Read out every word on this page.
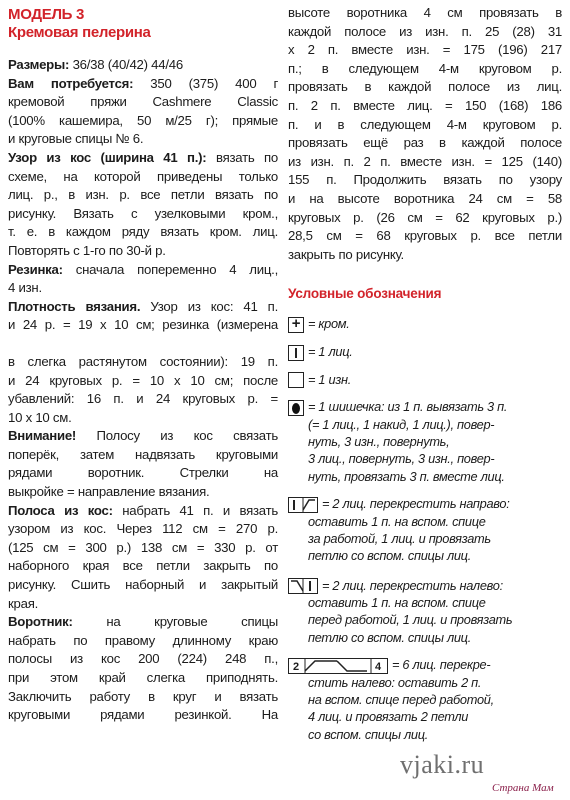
МОДЕЛЬ 3
Кремовая пелерина
Размеры: 36/38 (40/42) 44/46
Вам потребуется: 350 (375) 400 г
кремовой пряжи Cashmere Classic
(100% кашемира, 50 м/25 г); прямые
и круговые спицы № 6.
Узор из кос (ширина 41 п.): вязать по
схеме, на которой приведены только
лиц. р., в изн. р. все петли вязать по
рисунку. Вязать с узелковыми кром.,
т. е. в каждом ряду вязать кром. лиц.
Повторять с 1-го по 30-й р.
Резинка: сначала попеременно 4 лиц.,
4 изн.
Плотность вязания. Узор из кос: 41 п.
и 24 р. = 19 х 10 см; резинка (измерена
в слегка растянутом состоянии): 19 п.
и 24 круговых р. = 10 х 10 см; после
убавлений: 16 п. и 24 круговых р. =
10 х 10 см.
Внимание! Полосу из кос связать
поперёк, затем надвязать круговыми
рядами воротник. Стрелки на
выкройке = направление вязания.
Полоса из кос: набрать 41 п. и вязать
узором из кос. Через 112 см = 270 р.
(125 см = 300 р.) 138 см = 330 р. от
наборного края все петли закрыть по
рисунку. Сшить наборный и закрытый
края.
Воротник: на круговые спицы
набрать по правому длинному краю
полосы из кос 200 (224) 248 п.,
при этом край слегка приподнять.
Заключить работу в круг и вязать
круговыми рядами резинкой. На
высоте воротника 4 см провязать в
каждой полосе из изн. п. 25 (28) 31
х 2 п. вместе изн. = 175 (196) 217
п.; в следующем 4-м круговом р.
провязать в каждой полосе из лиц.
п. 2 п. вместе лиц. = 150 (168) 186
п. и в следующем 4-м круговом р.
провязать ещё раз в каждой полосе
из изн. п. 2 п. вместе изн. = 125 (140)
155 п. Продолжить вязать по узору
и на высоте воротника 24 см = 58
круговых р. (26 см = 62 круговых р.)
28,5 см = 68 круговых р. все петли
закрыть по рисунку.
Условные обозначения
+ = кром.
= 1 лиц.
= 1 изн.
= 1 шишечка: из 1 п. вывязать 3 п.
(= 1 лиц., 1 накид, 1 лиц.), повер-
нуть, 3 изн., повернуть,
3 лиц., повернуть, 3 изн., повер-
нуть, провязать 3 п. вместе лиц.
= 2 лиц. перекрестить направо:
оставить 1 п. на вспом. спице
за работой, 1 лиц. и провязать
петлю со вспом. спицы лиц.
= 2 лиц. перекрестить налево:
оставить 1 п. на вспом. спице
перед работой, 1 лиц. и провязать
петлю со вспом. спицы лиц.
2	4 = 6 лиц. перекре-
стить налево: оставить 2 п.
на вспом. спице перед работой,
4 лиц. и провязать 2 петли
со вспом. спицы лиц.
vjaki.ru
Страна Мам
